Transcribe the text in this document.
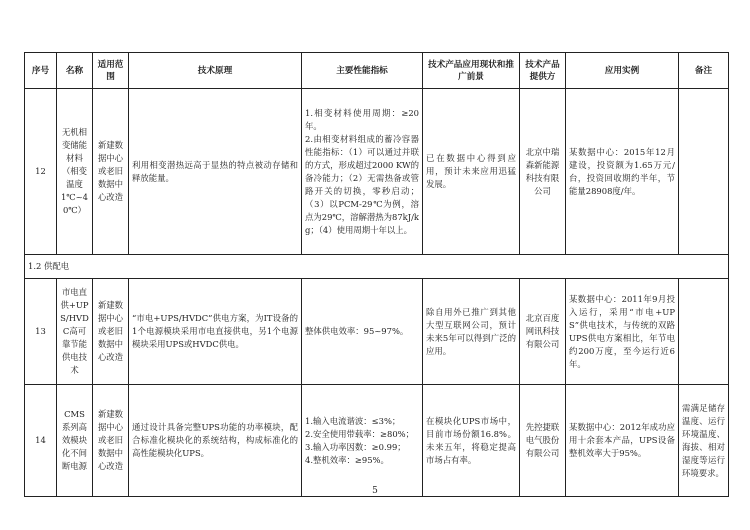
序号	名称	适用范围	技术原理	主要性能指标	技术产品应用现状和推广前景	技术产品提供方	应用实例	备注
12	无机相变储能材料（相变温度1℃~40℃）	新建数据中心或老旧数据中心改造	利用相变潜热远高于显热的特点被动存储和释放能量。	1.相变材料使用周期：≥20年。
2.由相变材料组成的蓄冷容器性能指标：（1）可以通过并联的方式，形成超过2000 KW的备冷能力；（2）无需热备或管路开关的切换，零秒启动；（3）以PCM-29℃为例，溶点为29℃，溶解潜热为87kJ/kg；（4）使用周期十年以上。	已在数据中心得到应用，预计未来应用迅猛发展。	北京中瑞森新能源科技有限公司	某数据中心：2015年12月建设，投资额为1.65万元/台，投资回收期约半年，节能量28908度/年。	
1.2 供配电								
13	市电直供+UPS/HVDC高可靠节能供电技术	新建数据中心或老旧数据中心改造	“市电+UPS/HVDC”供电方案，为IT设备的1个电源模块采用市电直接供电，另1个电源模块采用UPS或HVDC供电。	整体供电效率：95~97%。	除自用外已推广到其他大型互联网公司，预计未来5年可以得到广泛的应用。	北京百度网讯科技有限公司	某数据中心：2011年9月投入运行，采用“市电+UPS”供电技术，与传统的双路UPS供电方案相比，年节电约200万度，至今运行近6年。	
14	CMS系列高效模块化不间断电源	新建数据中心或老旧数据中心改造	通过设计具备完整UPS功能的功率模块，配合标准化模块化的系统结构，构成标准化的高性能模块化UPS。	1.输入电流谐波：≤3%；
2.安全使用带载率：≥80%；
3.输入功率因数：≥0.99；
4.整机效率：≥95%。	在模块化UPS市场中，目前市场份额16.8%。未来五年，将稳定提高市场占有率。	先控捷联电气股份有限公司	某数据中心：2012年成功应用十余套本产品，UPS设备整机效率大于95%。	需满足储存温度、运行环境温度、海拔、相对湿度等运行环境要求。
5
